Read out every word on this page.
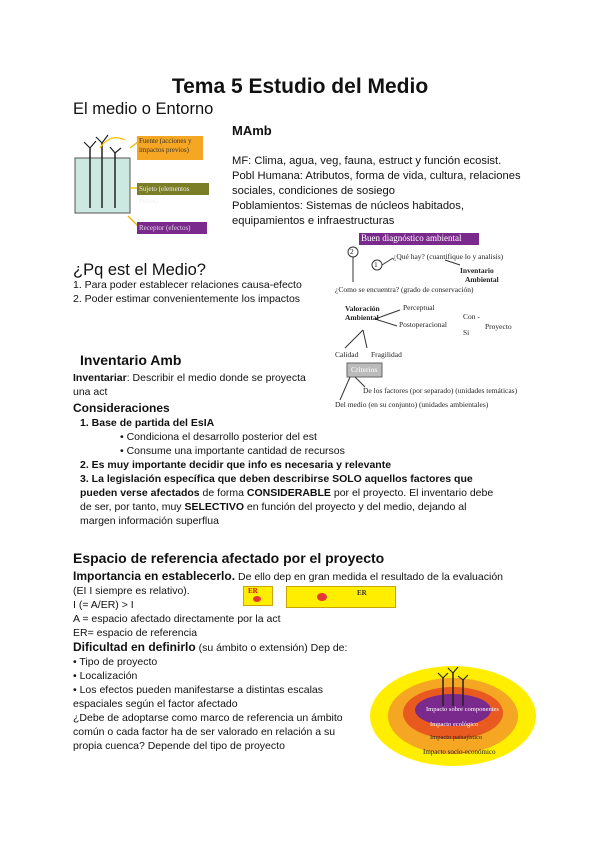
Tema 5 Estudio del Medio
El medio o Entorno
Fuente (acciones y
impactos previos)
Sujeto (elementos vistos)
Receptor (efectos)
MAmb
MF: Clima, agua, veg, fauna, estruct y función ecosist.
Pobl Humana: Atributos, forma de vida, cultura, relaciones
sociales, condiciones de sosiego
Poblamientos: Sistemas de núcleos habitados,
equipamientos e infraestructuras
Buen diagnóstico ambiental
2
1
¿Qué hay? (cuantifique lo y analisis)
Inventario
Ambiental
¿Como se encuentra? (grado de conservación)
Valoración
Ambiental
Perceptual
Postoperacional
Con -
Si
Proyecto
Calidad Fragilidad
Criterios
De los factores (por separado) (unidades temáticas)
Del medio (en su conjunto) (unidades ambientales)
¿Pq est el Medio?
1. Para poder establecer relaciones causa-efecto
2. Poder estimar convenientemente los impactos
Inventario Amb
Inventariar: Describir el medio donde se proyecta
una act
Consideraciones
1. Base de partida del EsIA
• Condiciona el desarrollo posterior del est
• Consume una importante cantidad de recursos
2. Es muy importante decidir que info es necesaria y relevante
3. La legislación específica que deben describirse SOLO aquellos factores que
pueden verse afectados de forma CONSIDERABLE por el proyecto. El inventario debe
de ser, por tanto, muy SELECTIVO en función del proyecto y del medio, dejando al
margen información superflua
Espacio de referencia afectado por el proyecto
Importancia en establecerlo. De ello dep en gran medida el resultado de la evaluación
(EI I siempre es relativo).
I (= A/ER) > I
A = espacio afectado directamente por la act
ER= espacio de referencia
Dificultad en definirlo (su ámbito o extensión) Dep de:
• Tipo de proyecto
• Localización
• Los efectos pueden manifestarse a distintas escalas
espaciales según el factor afectado
¿Debe de adoptarse como marco de referencia un ámbito
común o cada factor ha de ser valorado en relación a su
propia cuenca? Depende del tipo de proyecto
ER	ER
Impacto sobre componentes
Impacto ecológico
Impacto paisajístico
Impacto socio-económico
